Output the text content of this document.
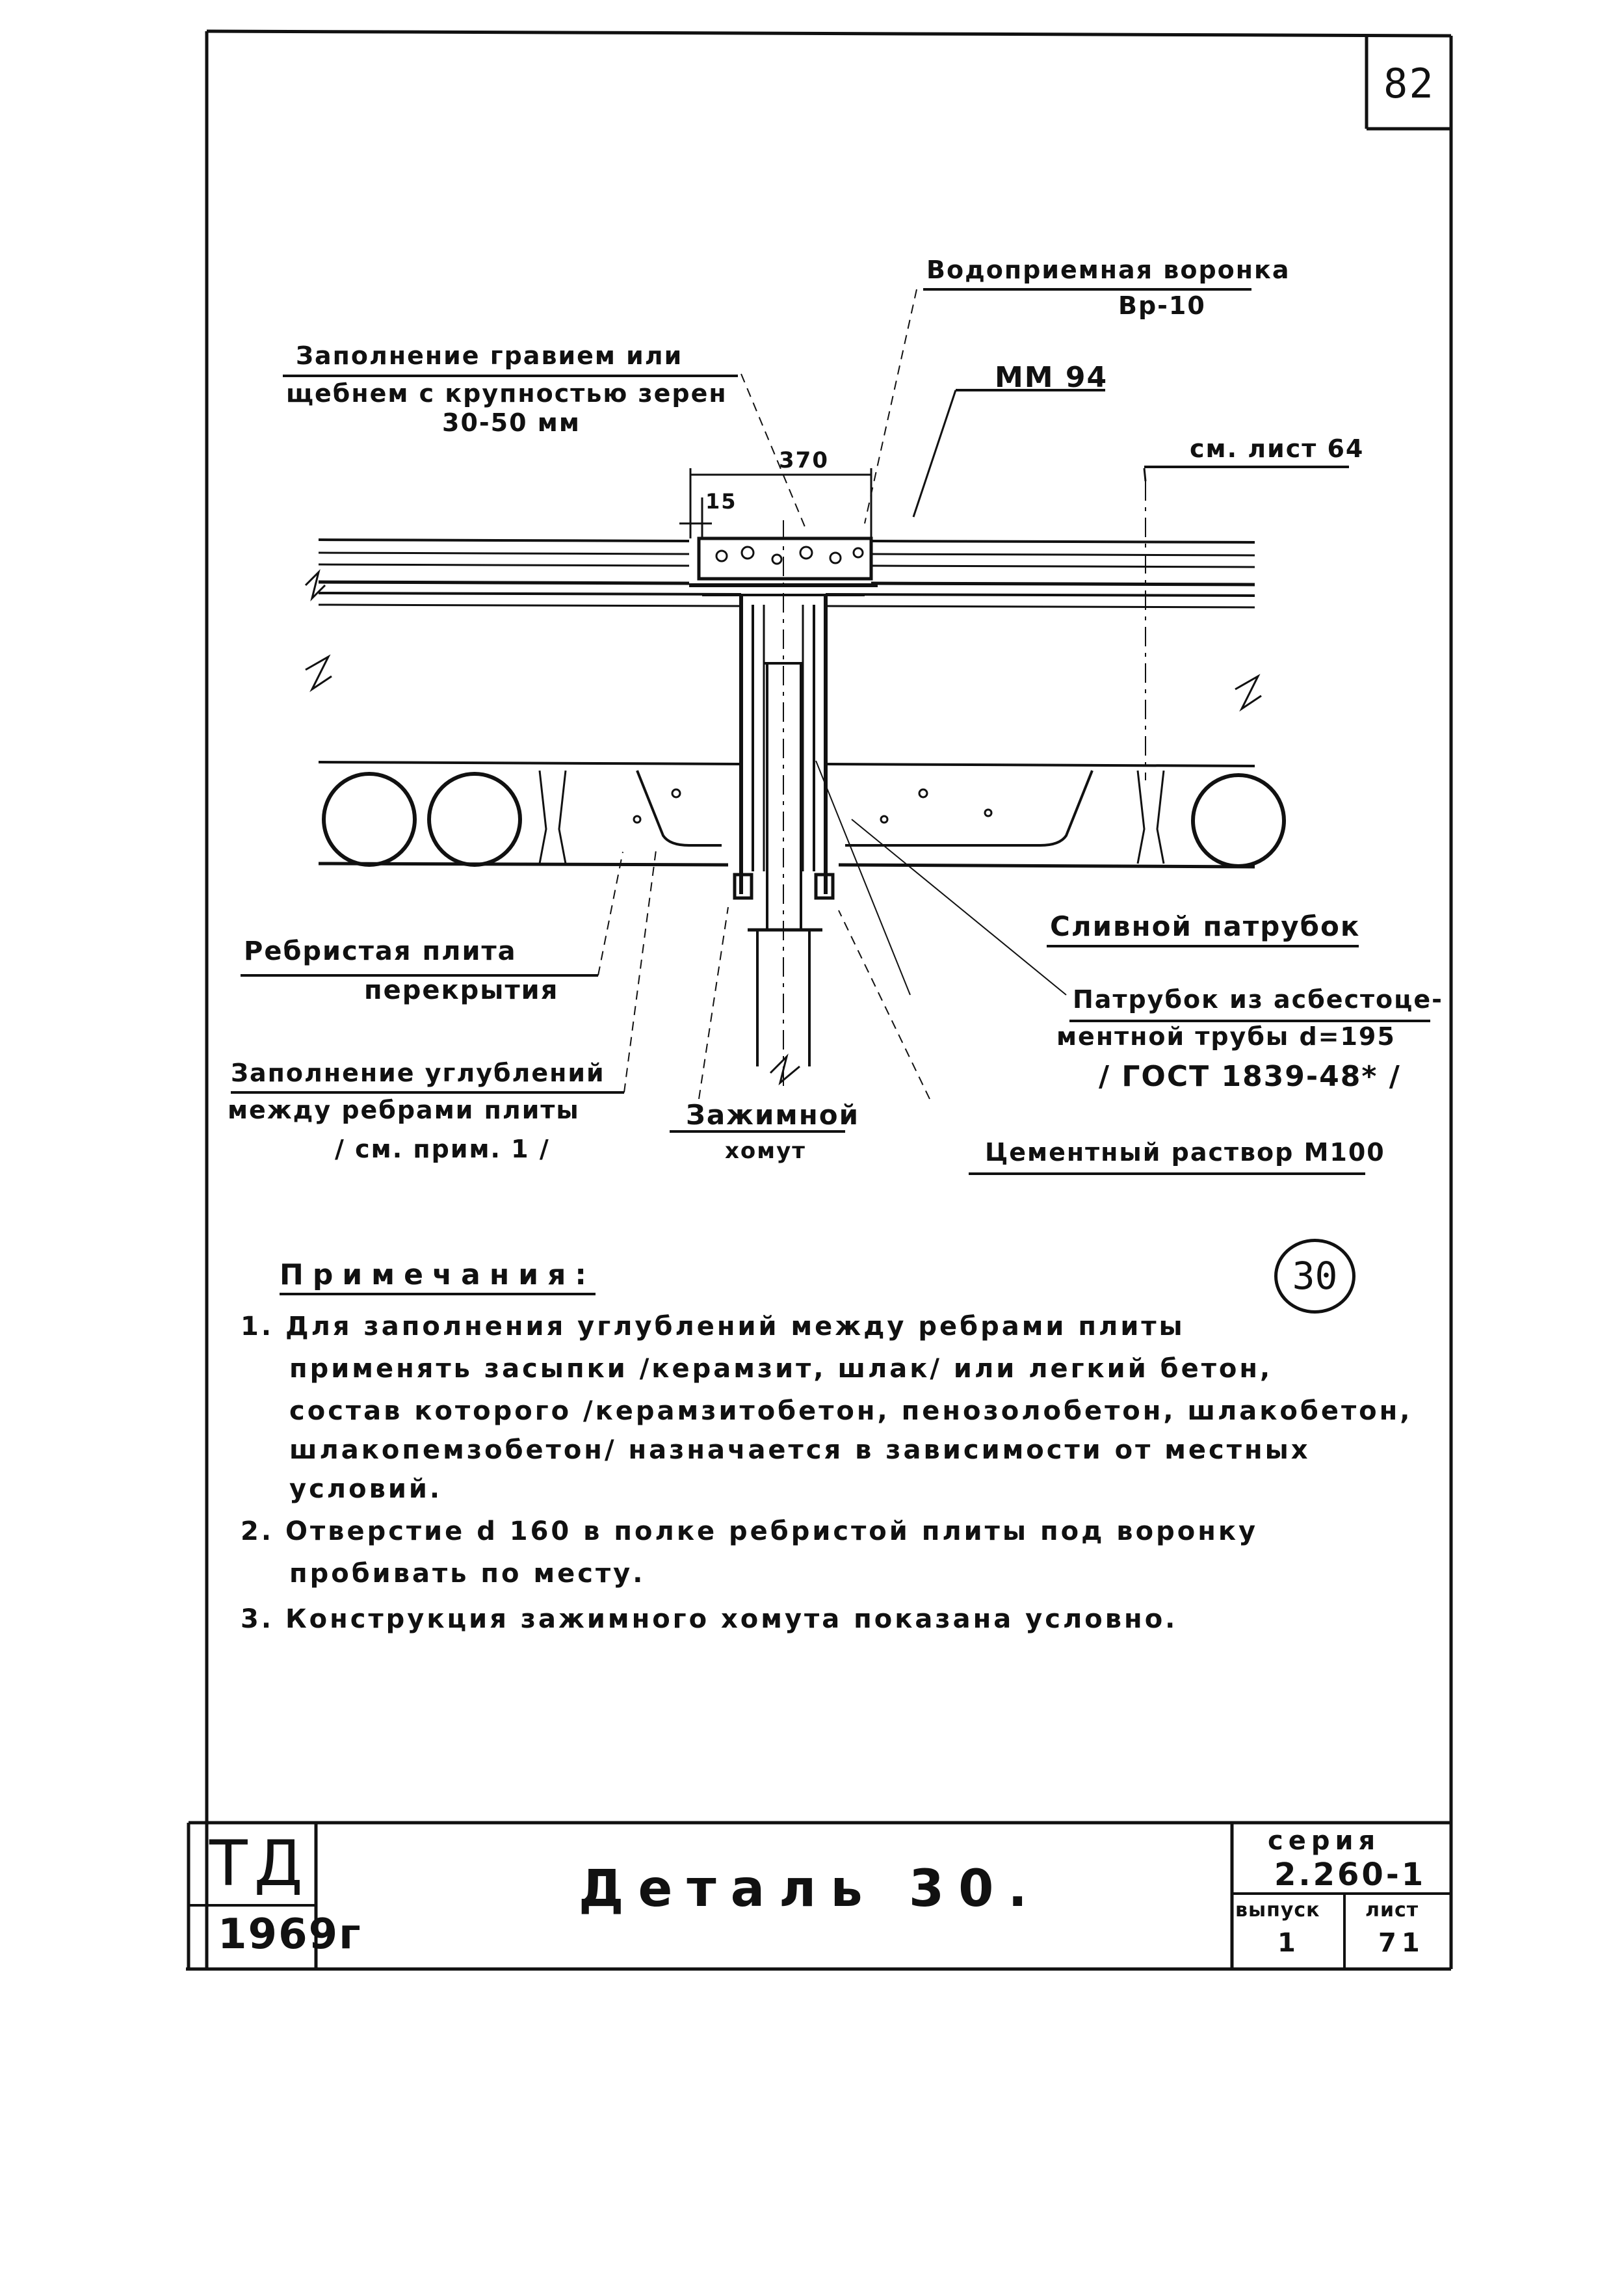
82
Водоприемная воронка
Вр-10
Заполнение гравием или
щебнем с крупностью зерен
30-50 мм
ММ 94
см. лист 64
370
15
Ребристая плита
перекрытия
Заполнение углублений
между ребрами плиты
/ см. прим. 1 /
Зажимной
хомут
Сливной патрубок
Патрубок из асбестоце-
ментной трубы d=195
/ ГОСТ 1839-48* /
Цементный раствор М100
30
Примечания:
1. Для заполнения углублений между ребрами плиты
применять засыпки /керамзит, шлак/ или легкий бетон,
состав которого /керамзитобетон, пенозолобетон, шлакобетон,
шлакопемзобетон/ назначается в зависимости от местных
условий.
2. Отверстие d 160 в полке ребристой плиты под воронку
пробивать по месту.
3. Конструкция зажимного хомута показана условно.
ТД
1969г
Деталь 30.
серия
2.260-1
выпуск
1
лист
71
